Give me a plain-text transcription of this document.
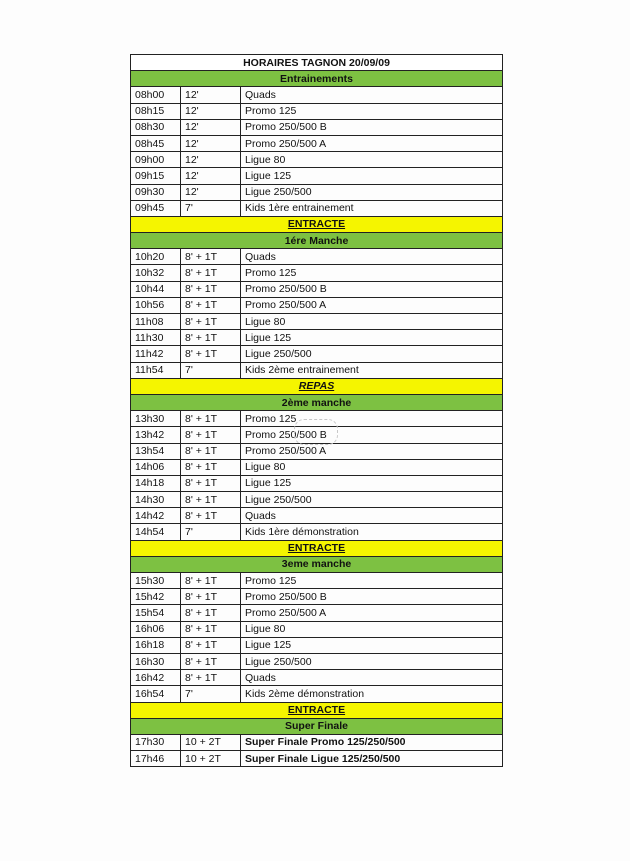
HORAIRES TAGNON 20/09/09		
Entrainements		
08h00	12'	Quads
08h15	12'	Promo 125
08h30	12'	Promo 250/500 B
08h45	12'	Promo 250/500 A
09h00	12'	Ligue 80
09h15	12'	Ligue 125
09h30	12'	Ligue 250/500
09h45	7'	Kids 1ère entrainement
ENTRACTE		
1ére Manche		
10h20	8' + 1T	Quads
10h32	8' + 1T	Promo 125
10h44	8' + 1T	Promo 250/500 B
10h56	8' + 1T	Promo 250/500 A
11h08	8' + 1T	Ligue 80
11h30	8' + 1T	Ligue 125
11h42	8' + 1T	Ligue 250/500
11h54	7'	Kids 2ème entrainement
REPAS		
2ème manche		
13h30	8' + 1T	Promo 125
13h42	8' + 1T	Promo 250/500 B
13h54	8' + 1T	Promo 250/500 A
14h06	8' + 1T	Ligue 80
14h18	8' + 1T	Ligue 125
14h30	8' + 1T	Ligue 250/500
14h42	8' + 1T	Quads
14h54	7'	Kids 1ère démonstration
ENTRACTE		
3eme manche		
15h30	8' + 1T	Promo 125
15h42	8' + 1T	Promo 250/500 B
15h54	8' + 1T	Promo 250/500 A
16h06	8' + 1T	Ligue 80
16h18	8' + 1T	Ligue 125
16h30	8' + 1T	Ligue 250/500
16h42	8' + 1T	Quads
16h54	7'	Kids 2ème démonstration
ENTRACTE		
Super Finale		
17h30	10 + 2T	Super Finale Promo 125/250/500
17h46	10 + 2T	Super Finale Ligue 125/250/500
